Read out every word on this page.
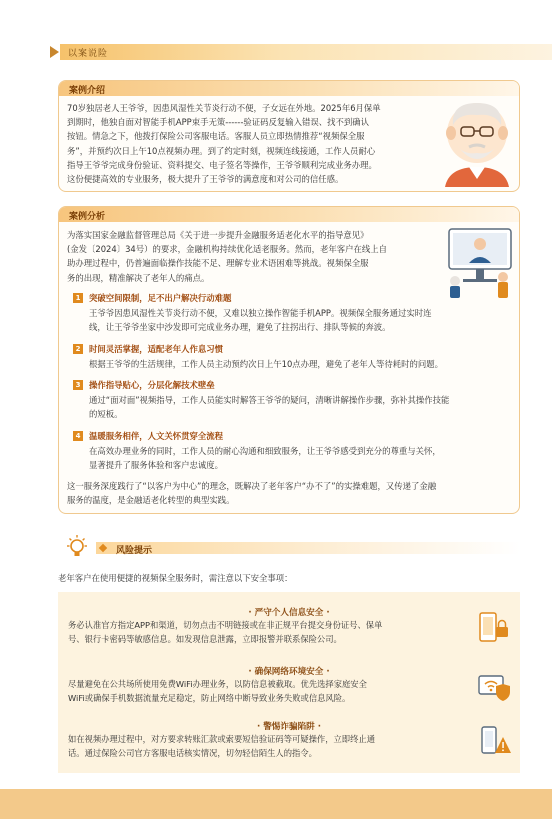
以案说险
案例介绍
70岁独居老人王爷爷，因患风湿性关节炎行动不便，子女远在外地。2025年6月保单
到期时，他独自面对智能手机APP束手无策------验证码反复输入错误、找不到确认
按钮。情急之下，他拨打保险公司客服电话。客服人员立即热情推荐“视频保全服
务”，并预约次日上午10点视频办理。到了约定时刻，视频连线接通，工作人员耐心
指导王爷爷完成身份验证、资料提交、电子签名等操作，王爷爷顺利完成业务办理。
这份便捷高效的专业服务，极大提升了王爷爷的满意度和对公司的信任感。
案例分析
为落实国家金融监督管理总局《关于进一步提升金融服务适老化水平的指导意见》
(金发〔2024〕34号）的要求，金融机构持续优化适老服务。然而，老年客户在线上自
助办理过程中，仍普遍面临操作技能不足、理解专业术语困难等挑战。视频保全服
务的出现，精准解决了老年人的痛点。
1	突破空间限制，足不出户解决行动难题
王爷爷因患风湿性关节炎行动不便，又难以独立操作智能手机APP。视频保全服务通过实时连
线，让王爷爷坐家中沙发即可完成业务办理，避免了拄拐出行、排队等候的奔波。
2	时间灵活掌握，适配老年人作息习惯
根据王爷爷的生活规律，工作人员主动预约次日上午10点办理，避免了老年人等待耗时的问题。
3	操作指导贴心，分层化解技术壁垒
通过“面对面”视频指导，工作人员能实时解答王爷爷的疑问，清晰讲解操作步骤，弥补其操作技能
的短板。
4	温暖服务相伴，人文关怀贯穿全流程
在高效办理业务的同时，工作人员的耐心沟通和细致服务，让王爷爷感受到充分的尊重与关怀，
显著提升了服务体验和客户忠诚度。
这一服务深度践行了“以客户为中心”的理念，既解决了老年客户“办不了”的实操难题，又传递了金融
服务的温度，是金融适老化转型的典型实践。
风险提示
老年客户在使用便捷的视频保全服务时，需注意以下安全事项：
· 严守个人信息安全 ·
务必认准官方指定APP和渠道，切勿点击不明链接或在非正规平台提交身份证号、保单
号、银行卡密码等敏感信息。如发现信息泄露，立即报警并联系保险公司。
· 确保网络环境安全 ·
尽量避免在公共场所使用免费WiFi办理业务，以防信息被截取。优先选择家庭安全
WiFi或确保手机数据流量充足稳定，防止网络中断导致业务失败或信息风险。
· 警惕诈骗陷阱 ·
如在视频办理过程中，对方要求转账汇款或索要短信验证码等可疑操作，立即终止通
话。通过保险公司官方客服电话核实情况，切勿轻信陌生人的指令。
